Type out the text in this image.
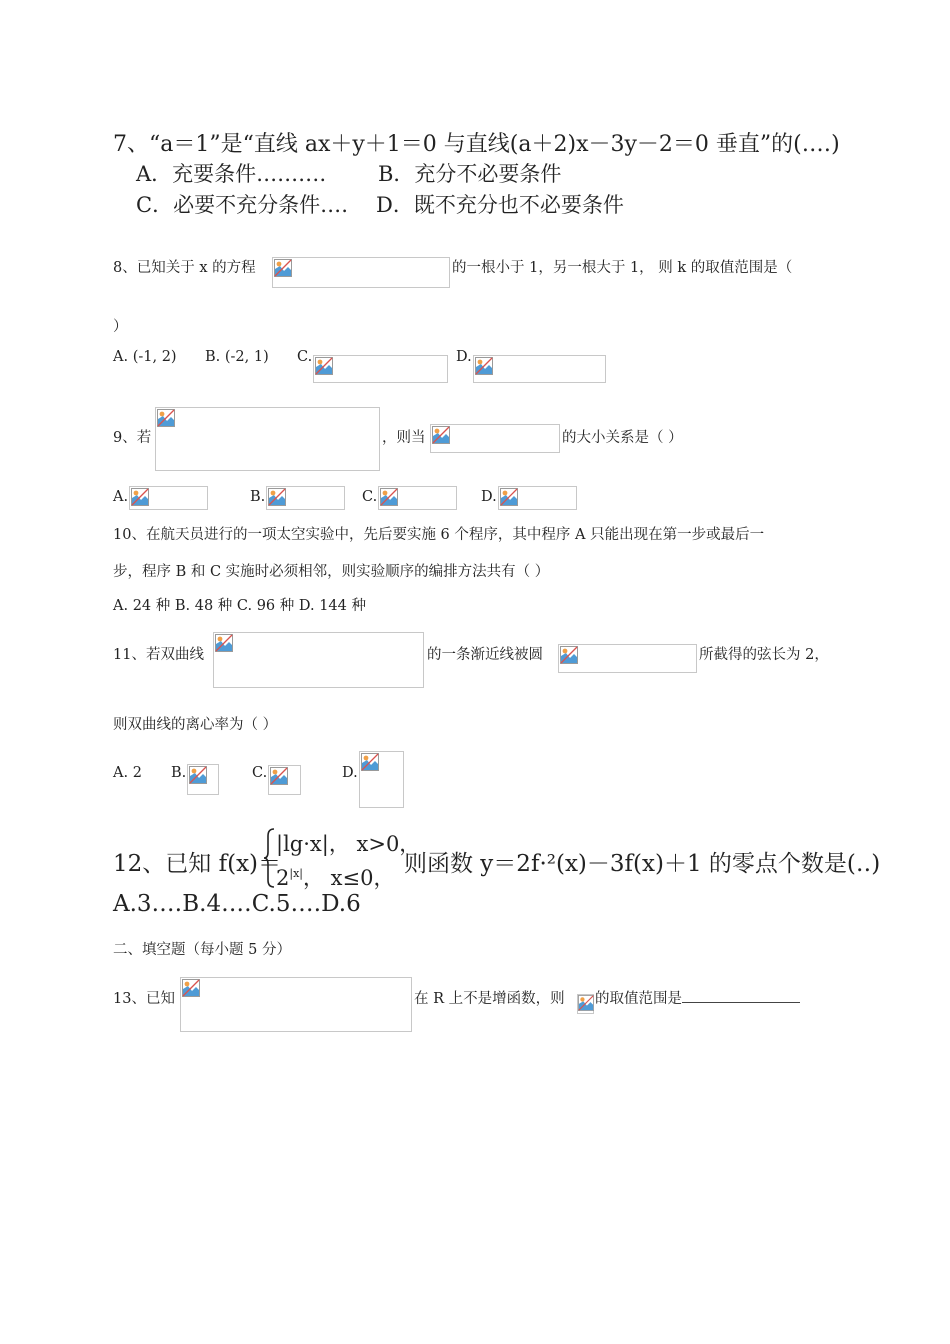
7、“a＝1”是“直线 ax＋y＋1＝0 与直线(a＋2)x－3y－2＝0 垂直”的(‥‥)
A．充要条件‥‥‥‥‥ B．充分不必要条件
C．必要不充分条件‥‥ D．既不充分也不必要条件
8、已知关于 x 的方程	的一根小于 1，另一根大于 1， 则 k 的取值范围是（
）
A. (-1, 2) B. (-2, 1) C.	D.
9、若	，则当	的大小关系是（ ）
A.	B.	C.	D.
10、在航天员进行的一项太空实验中，先后要实施 6 个程序，其中程序 A 只能出现在第一步或最后一
步，程序 B 和 C 实施时必须相邻，则实验顺序的编排方法共有（ ）
A. 24 种 B. 48 种 C. 96 种 D. 144 种
11、若双曲线	的一条渐近线被圆	所截得的弦长为 2，
则双曲线的离心率为（ ）
A. 2 B.	C.	D.
12、已知 f(x)＝
|lg·x|， x>0，
$2^{|x|}$， x≤0，
则函数 y＝2f·²(x)－3f(x)＋1 的零点个数是(‥)
A.3‥‥B.4‥‥C.5‥‥D.6
二、填空题（每小题 5 分）
13、已知	在 R 上不是增函数，则 的取值范围是
